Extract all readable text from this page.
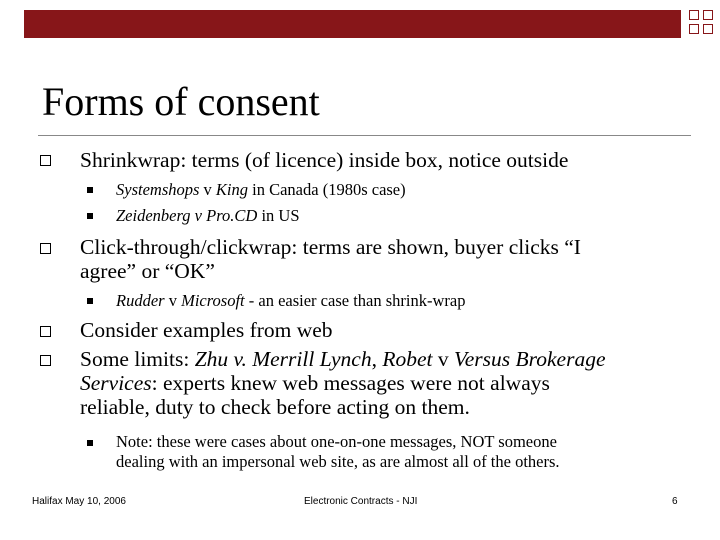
Forms of consent
Shrinkwrap: terms (of licence) inside box, notice outside
Systemshops v King in Canada (1980s case)
Zeidenberg v Pro.CD in US
Click-through/clickwrap: terms are shown, buyer clicks “I
agree” or “OK”
Rudder v Microsoft - an easier case than shrink-wrap
Consider examples from web
Some limits: Zhu v. Merrill Lynch, Robet v Versus Brokerage
Services: experts knew web messages were not always
reliable, duty to check before acting on them.
Note: these were cases about one-on-one messages, NOT someone
dealing with an impersonal web site, as are almost all of the others.
Halifax May 10, 2006	Electronic Contracts - NJI	6
